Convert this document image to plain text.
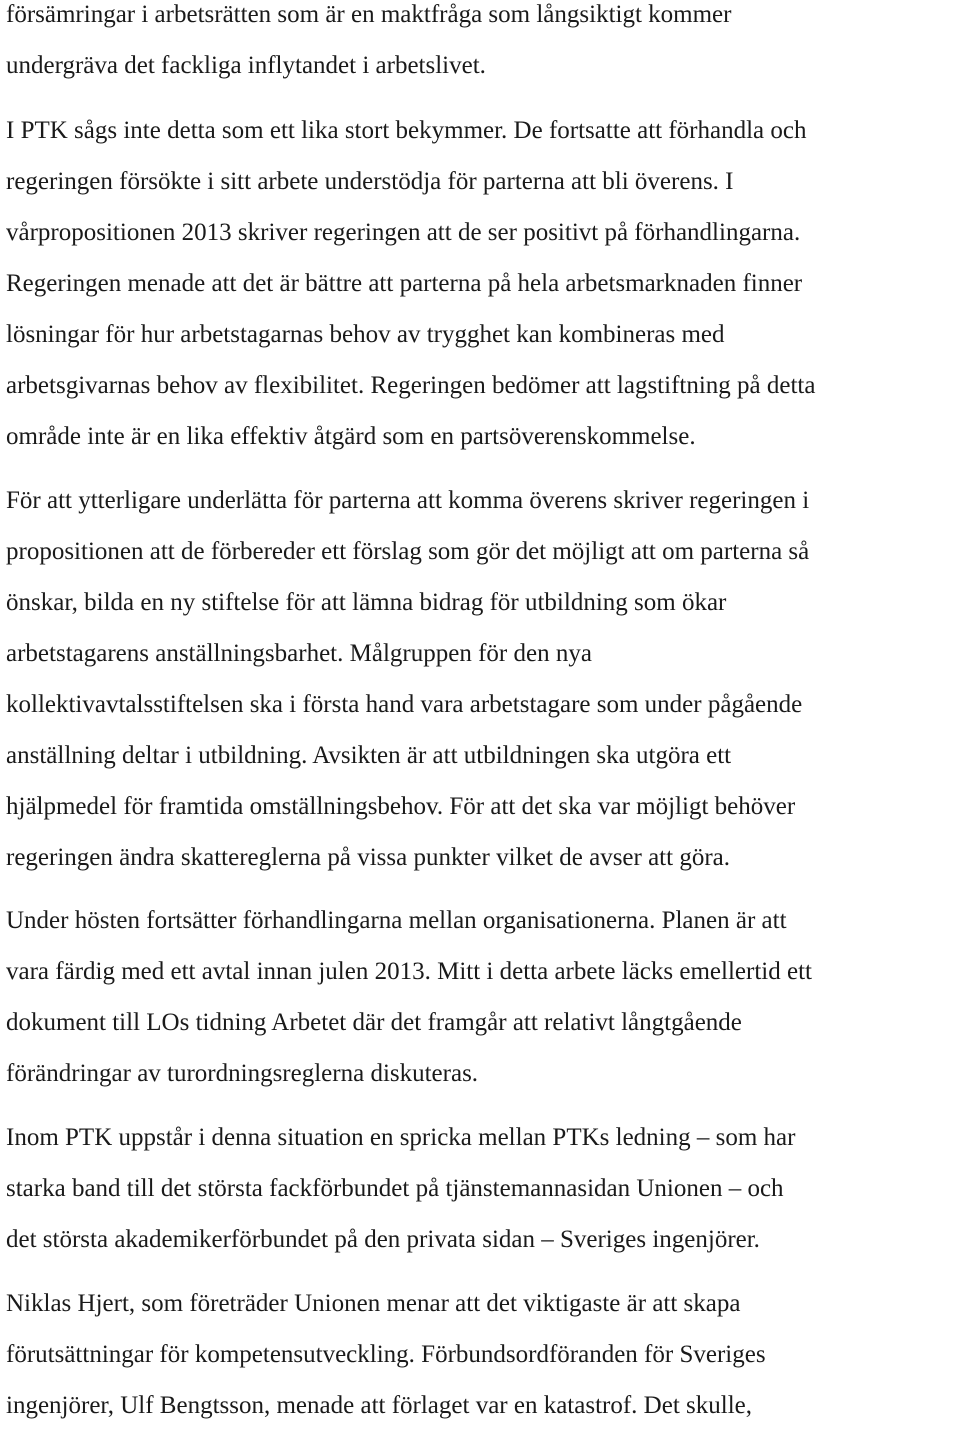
försämringar i arbetsrätten som är en maktfråga som långsiktigt kommer
undergräva det fackliga inflytandet i arbetslivet.
I PTK sågs inte detta som ett lika stort bekymmer. De fortsatte att förhandla och
regeringen försökte i sitt arbete understödja för parterna att bli överens. I
vårpropositionen 2013 skriver regeringen att de ser positivt på förhandlingarna.
Regeringen menade att det är bättre att parterna på hela arbetsmarknaden finner
lösningar för hur arbetstagarnas behov av trygghet kan kombineras med
arbetsgivarnas behov av flexibilitet. Regeringen bedömer att lagstiftning på detta
område inte är en lika effektiv åtgärd som en partsöverenskommelse.
För att ytterligare underlätta för parterna att komma överens skriver regeringen i
propositionen att de förbereder ett förslag som gör det möjligt att om parterna så
önskar, bilda en ny stiftelse för att lämna bidrag för utbildning som ökar
arbetstagarens anställningsbarhet. Målgruppen för den nya
kollektivavtalsstiftelsen ska i första hand vara arbetstagare som under pågående
anställning deltar i utbildning. Avsikten är att utbildningen ska utgöra ett
hjälpmedel för framtida omställningsbehov. För att det ska var möjligt behöver
regeringen ändra skattereglerna på vissa punkter vilket de avser att göra.
Under hösten fortsätter förhandlingarna mellan organisationerna. Planen är att
vara färdig med ett avtal innan julen 2013. Mitt i detta arbete läcks emellertid ett
dokument till LOs tidning Arbetet där det framgår att relativt långtgående
förändringar av turordningsreglerna diskuteras.
Inom PTK uppstår i denna situation en spricka mellan PTKs ledning – som har
starka band till det största fackförbundet på tjänstemannasidan Unionen – och
det största akademikerförbundet på den privata sidan – Sveriges ingenjörer.
Niklas Hjert, som företräder Unionen menar att det viktigaste är att skapa
förutsättningar för kompetensutveckling. Förbundsordföranden för Sveriges
ingenjörer, Ulf Bengtsson, menade att förlaget var en katastrof. Det skulle,
